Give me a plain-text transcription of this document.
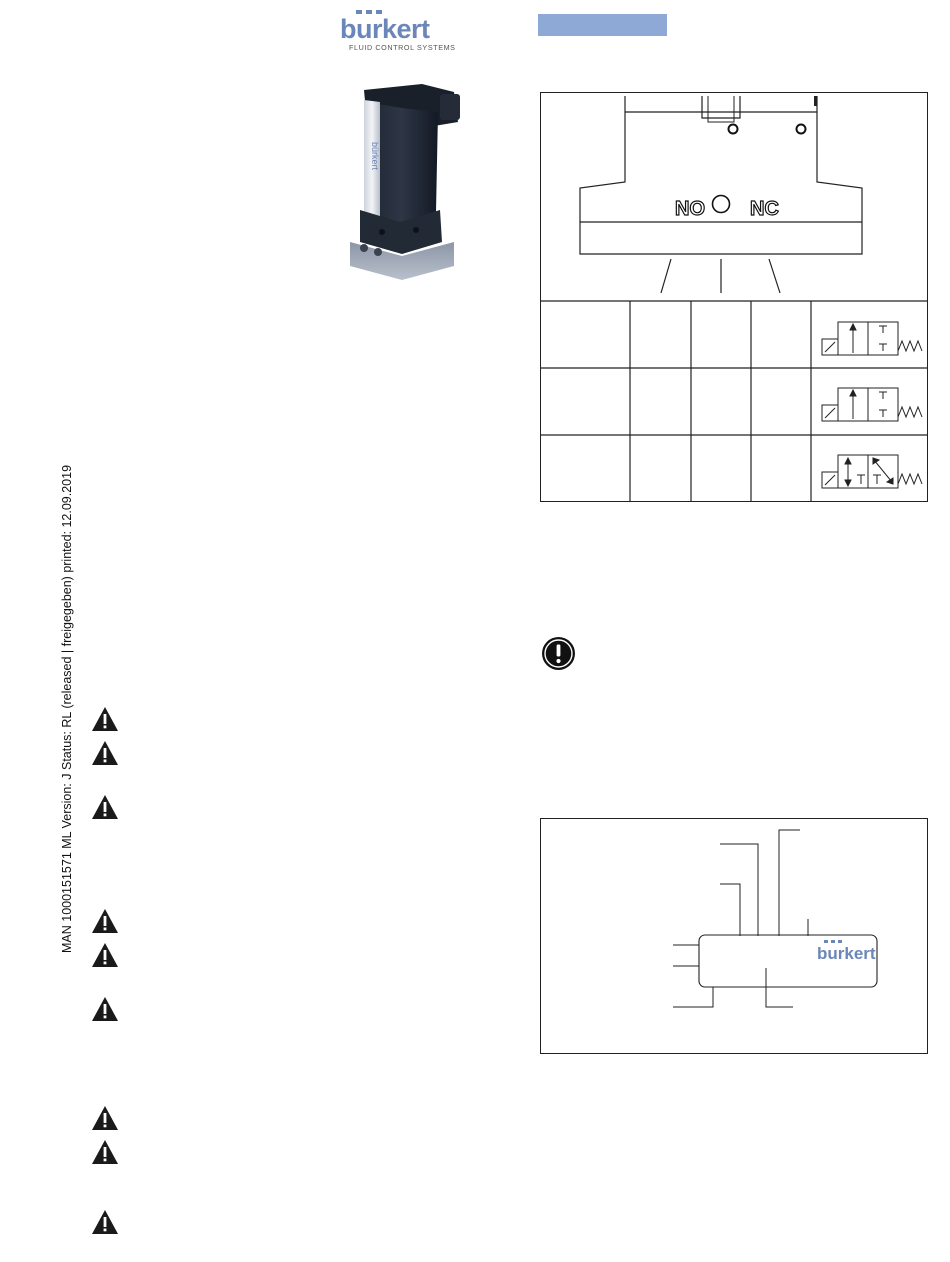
burkert
FLUID CONTROL SYSTEMS
bürkert
MAN 1000151571 ML Version: J Status: RL (released | freigegeben) printed: 12.09.2019
NO NC
burkert
